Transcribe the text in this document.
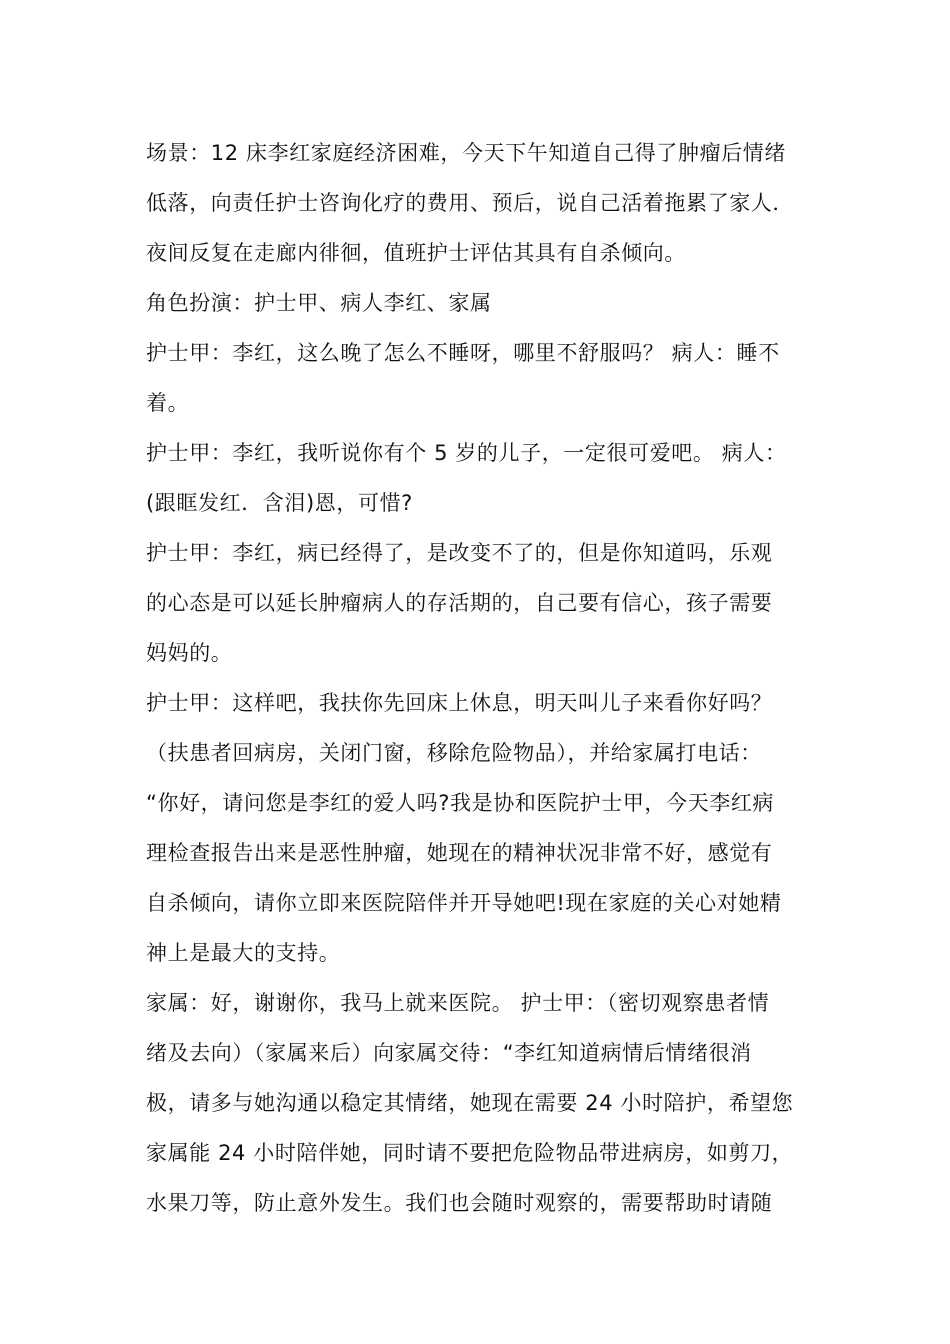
场景：12 床李红家庭经济困难，今天下午知道自己得了肿瘤后情绪
低落，向责任护士咨询化疗的费用、预后，说自己活着拖累了家人．
夜间反复在走廊内徘徊，值班护士评估其具有自杀倾向。

角色扮演：护士甲、病人李红、家属

护士甲：李红，这么晚了怎么不睡呀，哪里不舒服吗？ 病人：睡不
着。

护士甲：李红，我听说你有个 5 岁的儿子，一定很可爱吧。 病人：
(跟眶发红．含泪)恩，可惜?

护士甲：李红，病已经得了，是改变不了的，但是你知道吗，乐观
的心态是可以延长肿瘤病人的存活期的，自己要有信心，孩子需要
妈妈的。

护士甲：这样吧，我扶你先回床上休息，明天叫儿子来看你好吗？
（扶患者回病房，关闭门窗，移除危险物品），并给家属打电话：
“你好，请问您是李红的爱人吗?我是协和医院护士甲，今天李红病
理检查报告出来是恶性肿瘤，她现在的精神状况非常不好，感觉有
自杀倾向，请你立即来医院陪伴并开导她吧!现在家庭的关心对她精
神上是最大的支持。

家属：好，谢谢你，我马上就来医院。 护士甲：（密切观察患者情
绪及去向）（家属来后）向家属交待：“李红知道病情后情绪很消
极，请多与她沟通以稳定其情绪，她现在需要 24 小时陪护，希望您
家属能 24 小时陪伴她，同时请不要把危险物品带进病房，如剪刀，
水果刀等，防止意外发生。我们也会随时观察的，需要帮助时请随
